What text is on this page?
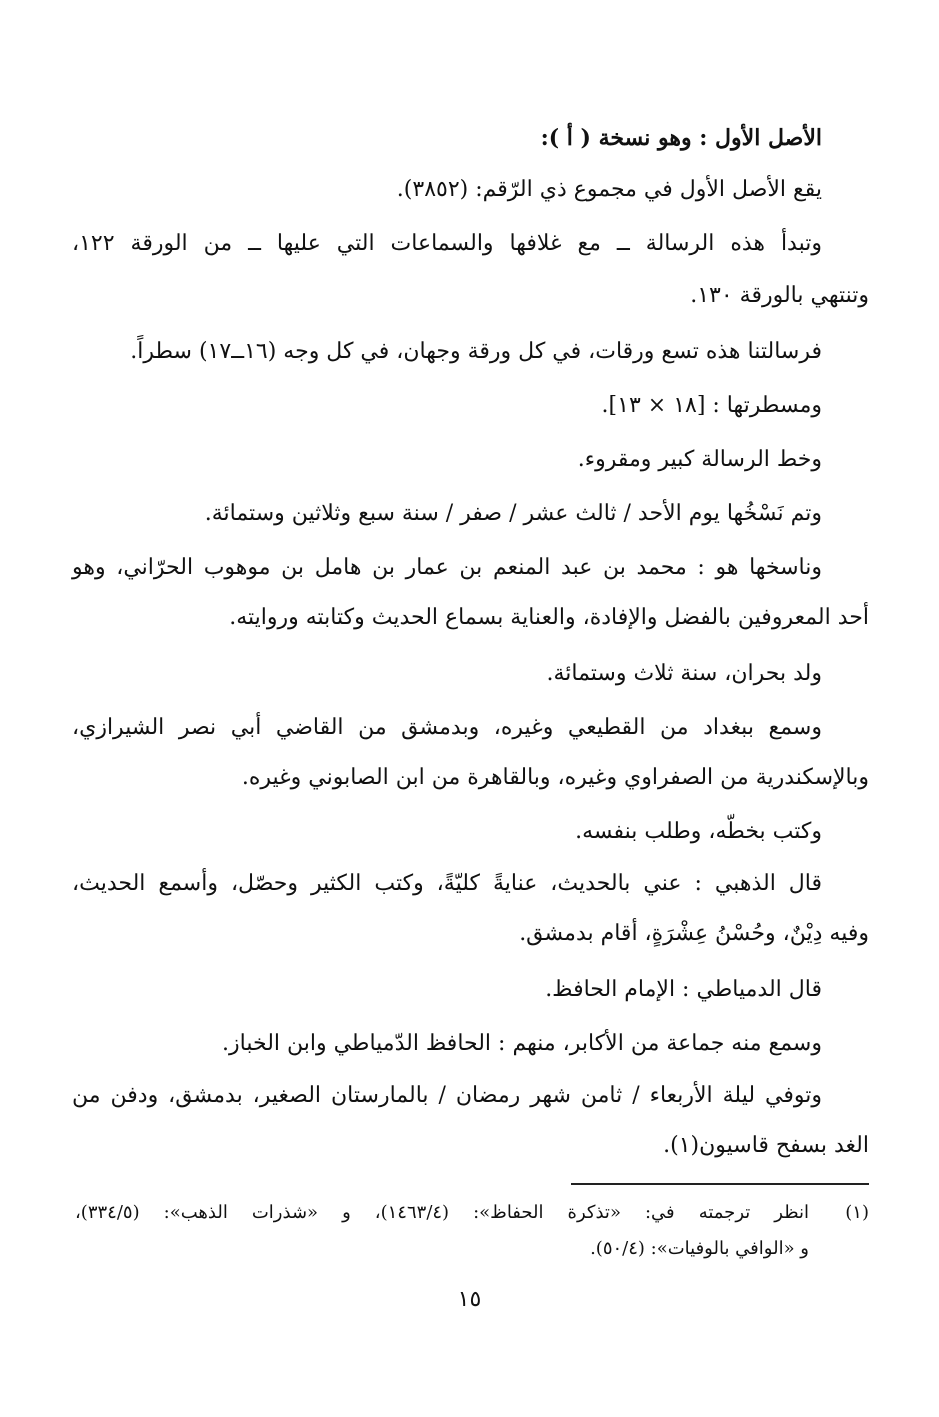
الأصل الأول : وهو نسخة ( أ ):
يقع الأصل الأول في مجموع ذي الرّقم: (٣٨٥٢).
وتبدأ هذه الرسالة ــ مع غلافها والسماعات التي عليها ــ من الورقة ١٢٢،
وتنتهي بالورقة ١٣٠.
فرسالتنا هذه تسع ورقات، في كل ورقة وجهان، في كل وجه (١٦ــ١٧) سطراً.
ومسطرتها : [١٨ × ١٣].
وخط الرسالة كبير ومقروء.
وتم نَسْخُها يوم الأحد / ثالث عشر / صفر / سنة سبع وثلاثين وستمائة.
وناسخها هو : محمد بن عبد المنعم بن عمار بن هامل بن موهوب الحرّاني، وهو
أحد المعروفين بالفضل والإفادة، والعناية بسماع الحديث وكتابته وروايته.
ولد بحران، سنة ثلاث وستمائة.
وسمع ببغداد من القطيعي وغيره، وبدمشق من القاضي أبي نصر الشيرازي،
وبالإسكندرية من الصفراوي وغيره، وبالقاهرة من ابن الصابوني وغيره.
وكتب بخطّه، وطلب بنفسه.
قال الذهبي : عني بالحديث، عنايةً كليّةً، وكتب الكثير وحصّل، وأسمع الحديث،
وفيه دِيْنٌ، وحُسْنُ عِشْرَةٍ، أقام بدمشق.
قال الدمياطي : الإمام الحافظ.
وسمع منه جماعة من الأكابر، منهم : الحافظ الدّمياطي وابن الخباز.
وتوفي ليلة الأربعاء / ثامن شهر رمضان / بالمارستان الصغير، بدمشق، ودفن من
الغد بسفح قاسيون(١).
(١)
انظر ترجمته في: «تذكرة الحفاظ»: (١٤٦٣/٤)، و «شذرات الذهب»: (٣٣٤/٥)،
و «الوافي بالوفيات»: (٥٠/٤).
١٥
